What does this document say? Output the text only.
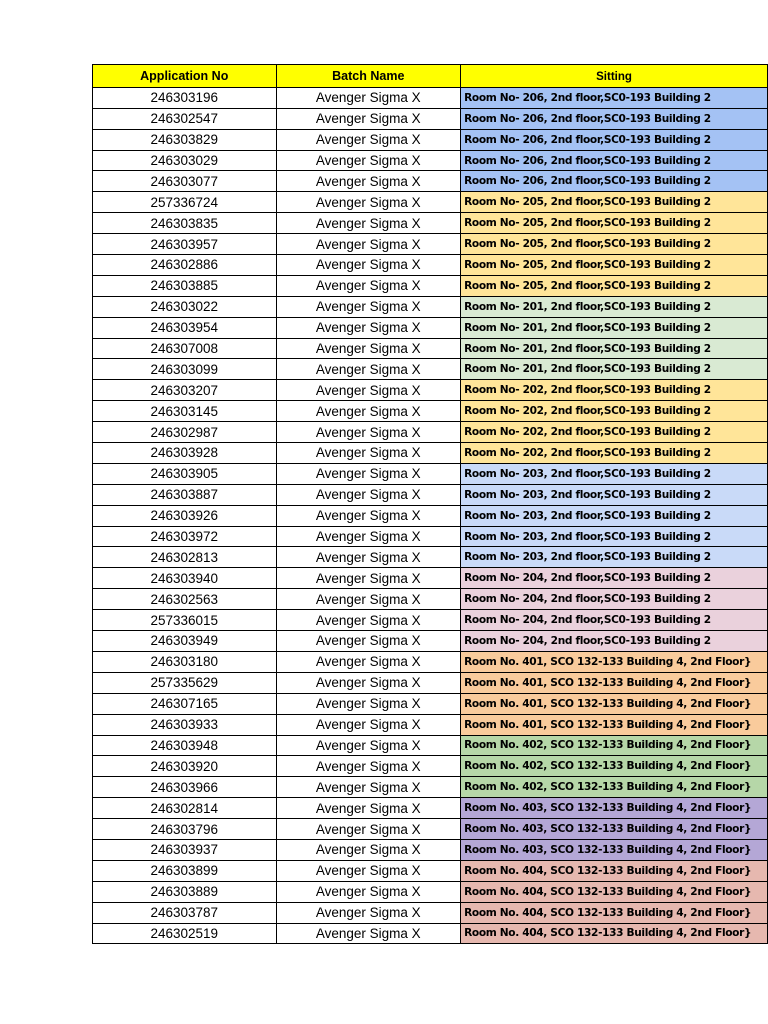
Application No	Batch Name	Sitting
246303196	Avenger Sigma X	Room No- 206, 2nd floor,SC0-193 Building 2
246302547	Avenger Sigma X	Room No- 206, 2nd floor,SC0-193 Building 2
246303829	Avenger Sigma X	Room No- 206, 2nd floor,SC0-193 Building 2
246303029	Avenger Sigma X	Room No- 206, 2nd floor,SC0-193 Building 2
246303077	Avenger Sigma X	Room No- 206, 2nd floor,SC0-193 Building 2
257336724	Avenger Sigma X	Room No- 205, 2nd floor,SC0-193 Building 2
246303835	Avenger Sigma X	Room No- 205, 2nd floor,SC0-193 Building 2
246303957	Avenger Sigma X	Room No- 205, 2nd floor,SC0-193 Building 2
246302886	Avenger Sigma X	Room No- 205, 2nd floor,SC0-193 Building 2
246303885	Avenger Sigma X	Room No- 205, 2nd floor,SC0-193 Building 2
246303022	Avenger Sigma X	Room No- 201, 2nd floor,SC0-193 Building 2
246303954	Avenger Sigma X	Room No- 201, 2nd floor,SC0-193 Building 2
246307008	Avenger Sigma X	Room No- 201, 2nd floor,SC0-193 Building 2
246303099	Avenger Sigma X	Room No- 201, 2nd floor,SC0-193 Building 2
246303207	Avenger Sigma X	Room No- 202, 2nd floor,SC0-193 Building 2
246303145	Avenger Sigma X	Room No- 202, 2nd floor,SC0-193 Building 2
246302987	Avenger Sigma X	Room No- 202, 2nd floor,SC0-193 Building 2
246303928	Avenger Sigma X	Room No- 202, 2nd floor,SC0-193 Building 2
246303905	Avenger Sigma X	Room No- 203, 2nd floor,SC0-193 Building 2
246303887	Avenger Sigma X	Room No- 203, 2nd floor,SC0-193 Building 2
246303926	Avenger Sigma X	Room No- 203, 2nd floor,SC0-193 Building 2
246303972	Avenger Sigma X	Room No- 203, 2nd floor,SC0-193 Building 2
246302813	Avenger Sigma X	Room No- 203, 2nd floor,SC0-193 Building 2
246303940	Avenger Sigma X	Room No- 204, 2nd floor,SC0-193 Building 2
246302563	Avenger Sigma X	Room No- 204, 2nd floor,SC0-193 Building 2
257336015	Avenger Sigma X	Room No- 204, 2nd floor,SC0-193 Building 2
246303949	Avenger Sigma X	Room No- 204, 2nd floor,SC0-193 Building 2
246303180	Avenger Sigma X	Room No. 401, SCO 132-133 Building 4, 2nd Floor}
257335629	Avenger Sigma X	Room No. 401, SCO 132-133 Building 4, 2nd Floor}
246307165	Avenger Sigma X	Room No. 401, SCO 132-133 Building 4, 2nd Floor}
246303933	Avenger Sigma X	Room No. 401, SCO 132-133 Building 4, 2nd Floor}
246303948	Avenger Sigma X	Room No. 402, SCO 132-133 Building 4, 2nd Floor}
246303920	Avenger Sigma X	Room No. 402, SCO 132-133 Building 4, 2nd Floor}
246303966	Avenger Sigma X	Room No. 402, SCO 132-133 Building 4, 2nd Floor}
246302814	Avenger Sigma X	Room No. 403, SCO 132-133 Building 4, 2nd Floor}
246303796	Avenger Sigma X	Room No. 403, SCO 132-133 Building 4, 2nd Floor}
246303937	Avenger Sigma X	Room No. 403, SCO 132-133 Building 4, 2nd Floor}
246303899	Avenger Sigma X	Room No. 404, SCO 132-133 Building 4, 2nd Floor}
246303889	Avenger Sigma X	Room No. 404, SCO 132-133 Building 4, 2nd Floor}
246303787	Avenger Sigma X	Room No. 404, SCO 132-133 Building 4, 2nd Floor}
246302519	Avenger Sigma X	Room No. 404, SCO 132-133 Building 4, 2nd Floor}
